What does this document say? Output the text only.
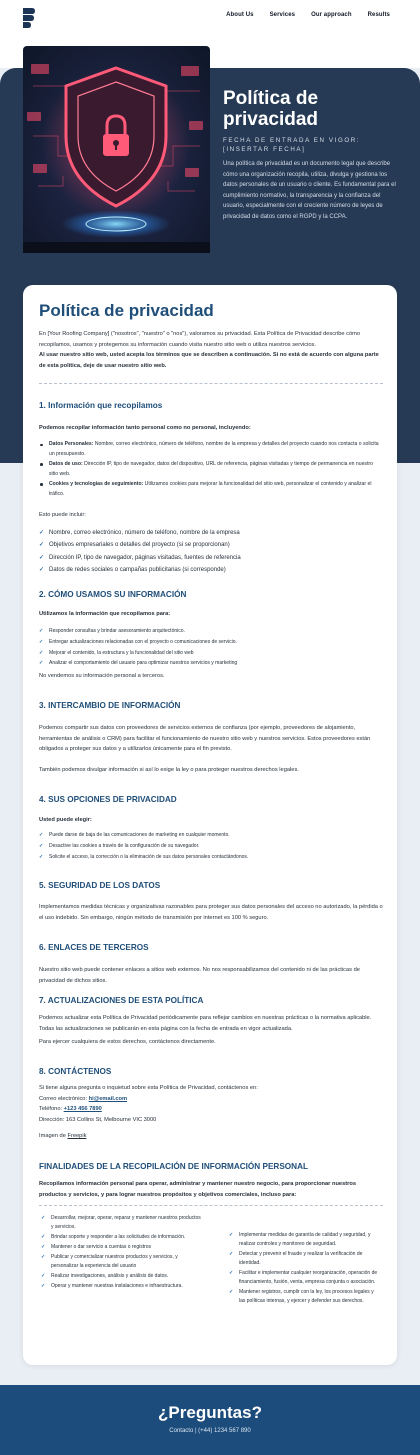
About Us	Services	Our approach	Results
Política de privacidad
FECHA DE ENTRADA EN VIGOR: [INSERTAR FECHA]

Una política de privacidad es un documento legal que describe cómo una organización recopila, utiliza, divulga y gestiona los datos personales de un usuario o cliente. Es fundamental para el cumplimiento normativo, la transparencia y la confianza del usuario, especialmente con el creciente número de leyes de privacidad de datos como el RGPD y la CCPA.

Política de privacidad

En [Your Roofing Company] ("nosotros", "nuestro" o "nos"), valoramos su privacidad. Esta Política de Privacidad describe cómo recopilamos, usamos y protegemos su información cuando visita nuestro sitio web o utiliza nuestros servicios.
Al usar nuestro sitio web, usted acepta los términos que se describen a continuación. Si no está de acuerdo con alguna parte de esta política, deje de usar nuestro sitio web.

1. Información que recopilamos

Podemos recopilar información tanto personal como no personal, incluyendo:

Datos Personales: Nombre, correo electrónico, número de teléfono, nombre de la empresa y detalles del proyecto cuando nos contacta o solicita un presupuesto.
Datos de uso: Dirección IP, tipo de navegador, datos del dispositivo, URL de referencia, páginas visitadas y tiempo de permanencia en nuestro sitio web.
Cookies y tecnologías de seguimiento: Utilizamos cookies para mejorar la funcionalidad del sitio web, personalizar el contenido y analizar el tráfico.

Esto puede incluir:

✓ Nombre, correo electrónico, número de teléfono, nombre de la empresa
✓ Objetivos empresariales o detalles del proyecto (si se proporcionan)
✓ Dirección IP, tipo de navegador, páginas visitadas, fuentes de referencia
✓ Datos de redes sociales o campañas publicitarias (si corresponde)
2. CÓMO USAMOS SU INFORMACIÓN

Utilizamos la información que recopilamos para:

✓ Responder consultas y brindar asesoramiento arquitectónico.
✓ Entregar actualizaciones relacionadas con el proyecto o comunicaciones de servicio.
✓ Mejorar el contenido, la estructura y la funcionalidad del sitio web
✓ Analizar el comportamiento del usuario para optimizar nuestros servicios y marketing

No vendemos su información personal a terceros.

3. INTERCAMBIO DE INFORMACIÓN

Podemos compartir sus datos con proveedores de servicios externos de confianza (por ejemplo, proveedores de alojamiento, herramientas de análisis o CRM) para facilitar el funcionamiento de nuestro sitio web y nuestros servicios. Estos proveedores están obligados a proteger sus datos y a utilizarlos únicamente para el fin previsto.

También podemos divulgar información si así lo exige la ley o para proteger nuestros derechos legales.

4. SUS OPCIONES DE PRIVACIDAD

Usted puede elegir:

✓ Puede darse de baja de las comunicaciones de marketing en cualquier momento.
✓ Desactive las cookies a través de la configuración de su navegador.
✓ Solicite el acceso, la corrección o la eliminación de sus datos personales contactándonos.
5. SEGURIDAD DE LOS DATOS

Implementamos medidas técnicas y organizativas razonables para proteger sus datos personales del acceso no autorizado, la pérdida o el uso indebido. Sin embargo, ningún método de transmisión por internet es 100 % seguro.

6. ENLACES DE TERCEROS

Nuestro sitio web puede contener enlaces a sitios web externos. No nos responsabilizamos del contenido ni de las prácticas de privacidad de dichos sitios.

7. ACTUALIZACIONES DE ESTA POLÍTICA

Podemos actualizar esta Política de Privacidad periódicamente para reflejar cambios en nuestras prácticas o la normativa aplicable. Todas las actualizaciones se publicarán en esta página con la fecha de entrada en vigor actualizada.

Para ejercer cualquiera de estos derechos, contáctenos directamente.

8. CONTÁCTENOS
Si tiene alguna pregunta o inquietud sobre esta Política de Privacidad, contáctenos en:
Correo electrónico: hi@email.com
Teléfono: +123 456 7890
Dirección: 163 Collins St, Melbourne VIC 3000

Imagen de Freepik

FINALIDADES DE LA RECOPILACIÓN DE INFORMACIÓN PERSONAL

Recopilamos información personal para operar, administrar y mantener nuestro negocio, para proporcionar nuestros productos y servicios, y para lograr nuestros propósitos y objetivos comerciales, incluso para:

✓ Desarrollar, mejorar, operar, reparar y mantener nuestros productos y servicios.
✓ Brindar soporte y responder a las solicitudes de información.
✓ Mantener o dar servicio a cuentas o registros
✓ Publicar y comercializar nuestros productos y servicios, y personalizar la experiencia del usuario
✓ Realizar investigaciones, análisis y análisis de datos.
✓ Operar y mantener nuestras instalaciones e infraestructura.
✓ Implementar medidas de garantía de calidad y seguridad, y realizar controles y monitoreo de seguridad.
✓ Detectar y prevenir el fraude y realizar la verificación de identidad.
✓ Facilitar e implementar cualquier reorganización, operación de financiamiento, fusión, venta, empresa conjunta o asociación.
✓ Mantener registros, cumplir con la ley, los procesos legales y las políticas internas, y ejercer y defender sus derechos.
¿Preguntas?
Contacto | (+44) 1234 567 890
